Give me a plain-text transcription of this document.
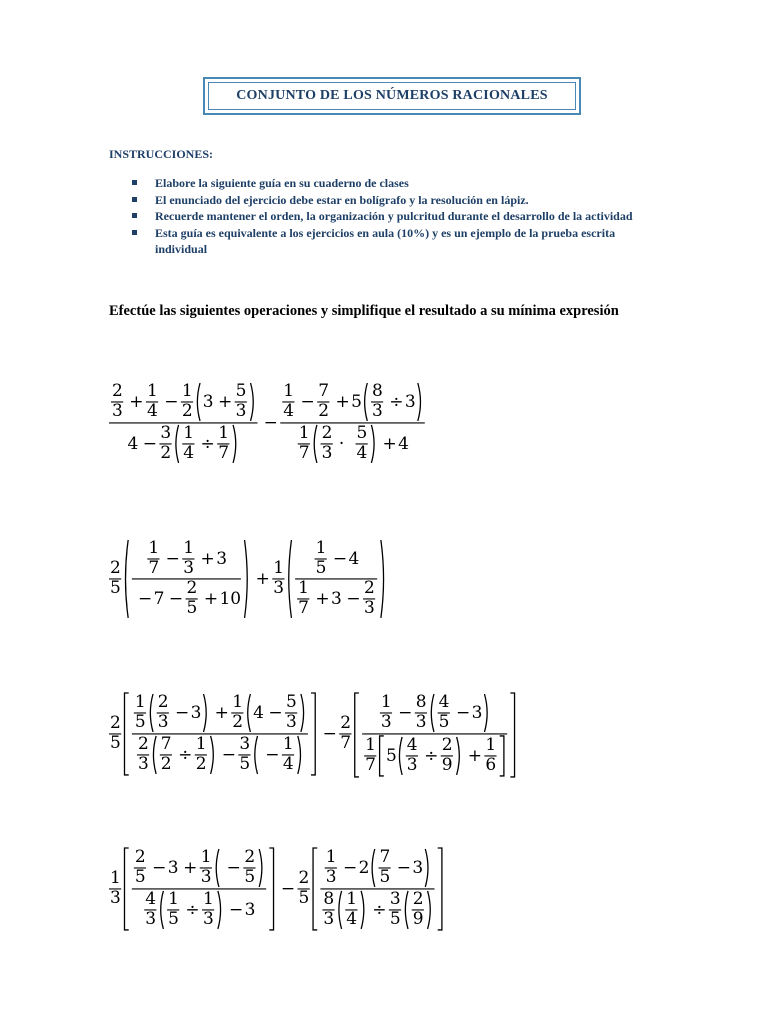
CONJUNTO DE LOS NÚMEROS RACIONALES
INSTRUCCIONES:
Elabore la siguiente guía en su cuaderno de clases
El enunciado del ejercicio debe estar en bolígrafo y la resolución en lápiz.
Recuerde mantener el orden, la organización y pulcritud durante el desarrollo de la actividad
Esta guía es equivalente a los ejercicios en aula (10%) y es un ejemplo de la prueba escrita individual

Efectúe las siguientes operaciones y simplifique el resultado a su mínima expresión

2
3 +
1
4 −
1
2 3 +
5
3
4 −
3
2
1
4 ÷
1
7
−
1
4 −
7
2 + 5
8
3 ÷ 3
1
7
2
3 ·
5
4 + 4
2
5
1
7 −
1
3 + 3
− 7 −
2
5 + 10
+
1
3
1
5 − 4
1
7 + 3 −
2
3
2
5
1
5
2
3 − 3 +
1
2 4 −
5
3
2
3
7
2 ÷
1
2 −
3
5 −
1
4
−
2
7
1
3 −
8
3
4
5 − 3
1
7 5
4
3 ÷
2
9 +
1
6
1
3
2
5 − 3 +
1
3 −
2
5
4
3
1
5 ÷
1
3 − 3
−
2
5
1
3 − 2
7
5 − 3
8
3
1
4 ÷
3
5
2
9
